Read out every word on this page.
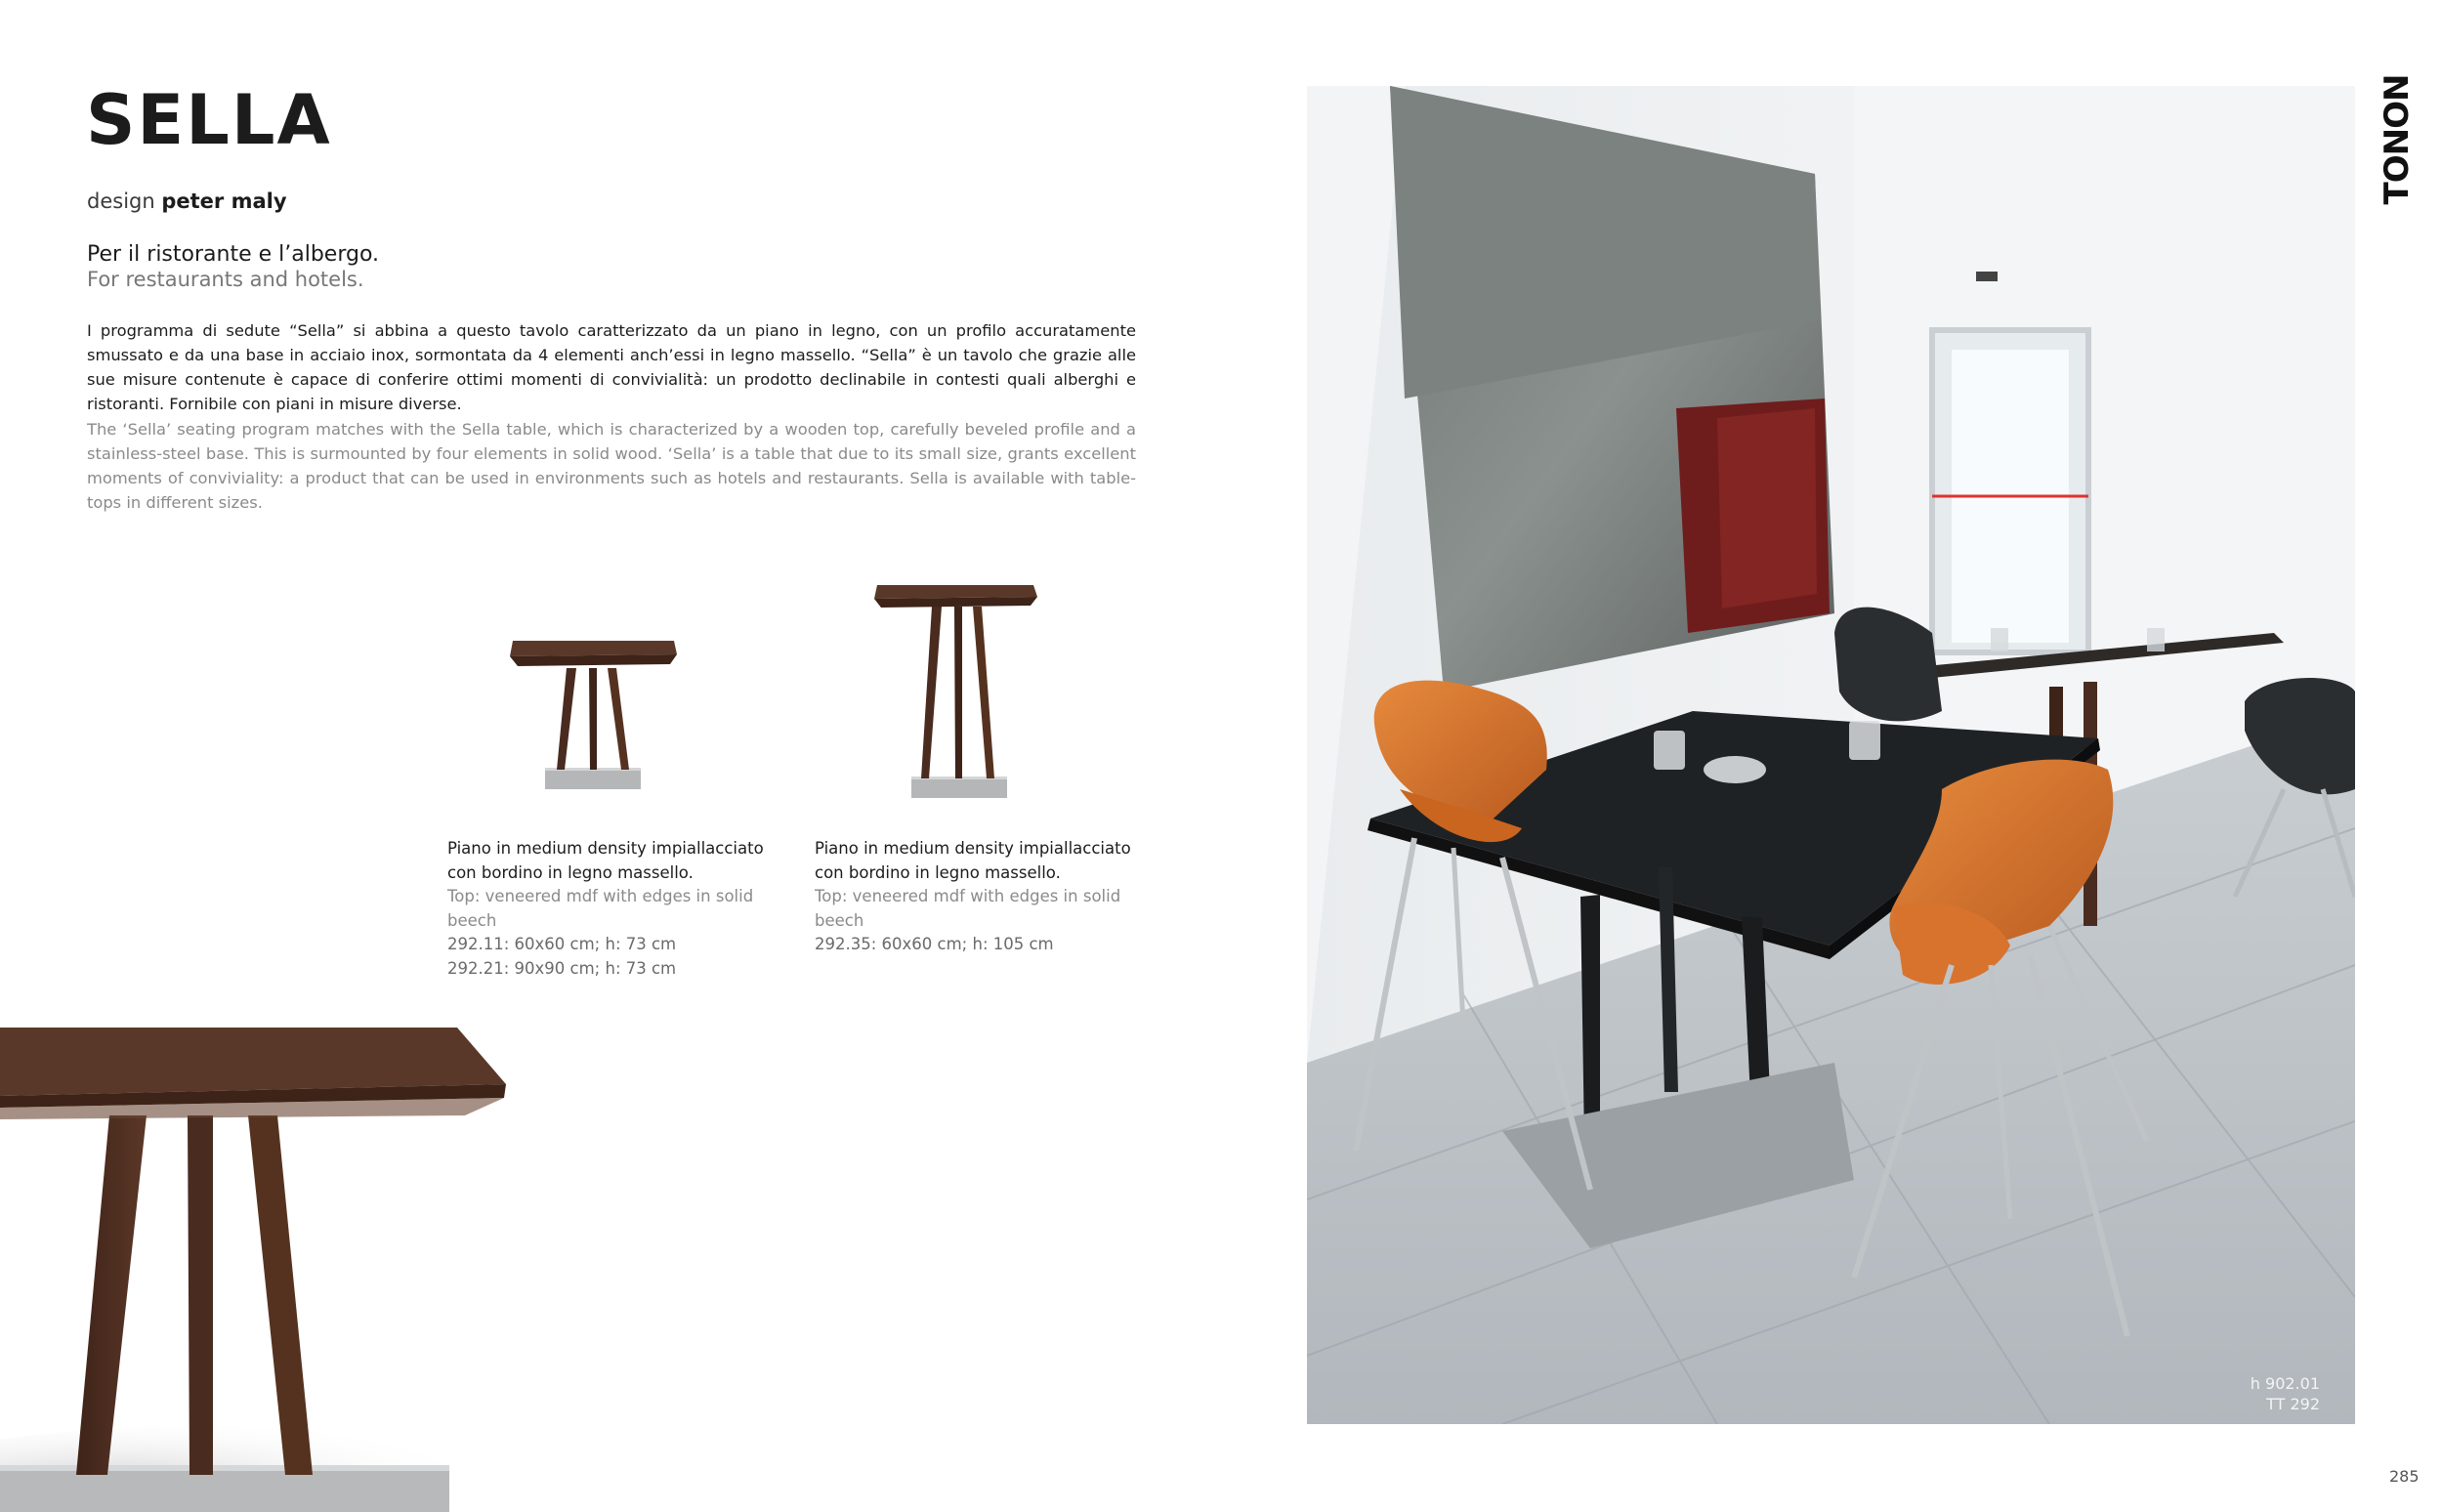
SELLA
design peter maly
Per il ristorante e l’albergo.
For restaurants and hotels.
I programma di sedute “Sella” si abbina a questo tavolo caratterizzato da un piano in legno, con un profilo accuratamente smussato e da una base in acciaio inox, sormontata da 4 elementi anch’essi in legno massello. “Sella” è un tavolo che grazie alle sue misure contenute è capace di conferire ottimi momenti di convivialità: un prodotto declinabile in contesti quali alberghi e ristoranti. Fornibile con piani in misure diverse.
The ‘Sella’ seating program matches with the Sella table, which is characterized by a wooden top, carefully beveled profile and a stainless-steel base. This is surmounted by four elements in solid wood. ‘Sella’ is a table that due to its small size, grants excellent moments of conviviality: a product that can be used in environments such as hotels and restaurants. Sella is available with table-tops in different sizes.
Piano in medium density impiallacciato con bordino in legno massello.
Top: veneered mdf with edges in solid beech
292.11: 60x60 cm; h: 73 cm
292.21: 90x90 cm; h: 73 cm
Piano in medium density impiallacciato con bordino in legno massello.
Top: veneered mdf with edges in solid beech
292.35: 60x60 cm; h: 105 cm
h 902.01
TT 292
TONON
285
